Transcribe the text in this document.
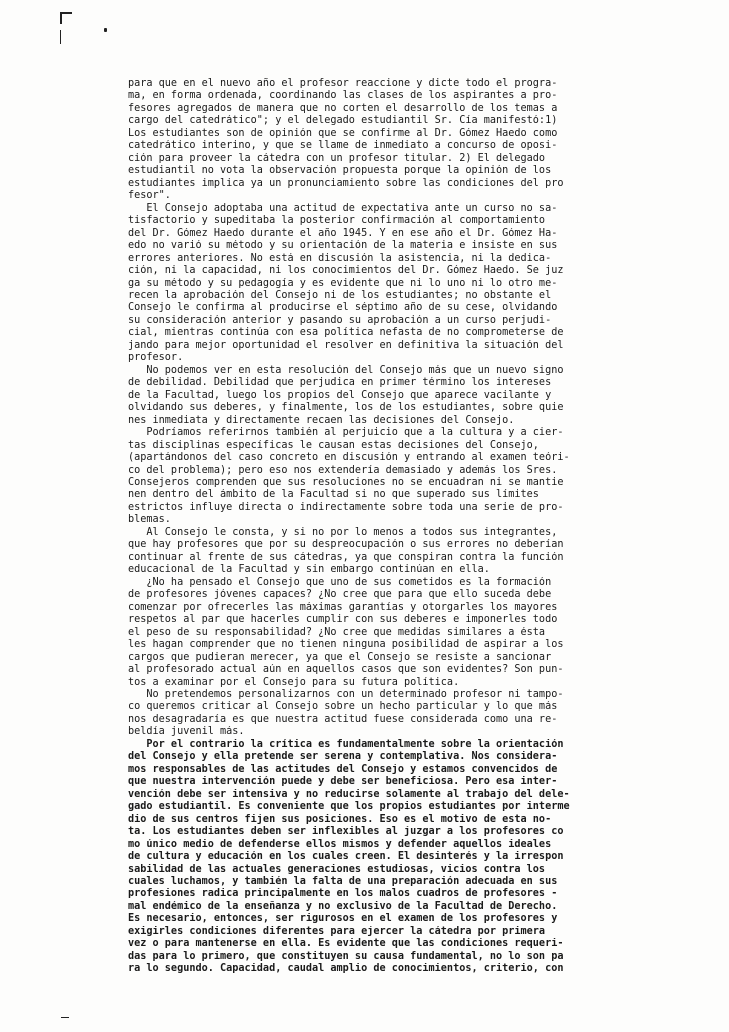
para que en el nuevo año el profesor reaccione y dicte todo el progra-
ma, en forma ordenada, coordinando las clases de los aspirantes a pro-
fesores agregados de manera que no corten el desarrollo de los temas a
cargo del catedrático"; y el delegado estudiantil Sr. Cía manifestó:1)
Los estudiantes son de opinión que se confirme al Dr. Gómez Haedo como
catedrático interino, y que se llame de inmediato a concurso de oposi-
ción para proveer la cátedra con un profesor titular. 2) El delegado
estudiantil no vota la observación propuesta porque la opinión de los
estudiantes implica ya un pronunciamiento sobre las condiciones del pro
fesor".
El Consejo adoptaba una actitud de expectativa ante un curso no sa-
tisfactorio y supeditaba la posterior confirmación al comportamiento
del Dr. Gómez Haedo durante el año 1945. Y en ese año el Dr. Gómez Ha-
edo no varió su método y su orientación de la materia e insiste en sus
errores anteriores. No está en discusión la asistencia, ni la dedica-
ción, ni la capacidad, ni los conocimientos del Dr. Gómez Haedo. Se juz
ga su método y su pedagogía y es evidente que ni lo uno ni lo otro me-
recen la aprobación del Consejo ni de los estudiantes; no obstante el
Consejo le confirma al producirse el séptimo año de su cese, olvidando
su consideración anterior y pasando su aprobación a un curso perjudi-
cial, mientras continúa con esa política nefasta de no comprometerse de
jando para mejor oportunidad el resolver en definitiva la situación del
profesor.
No podemos ver en esta resolución del Consejo más que un nuevo signo
de debilidad. Debilidad que perjudica en primer término los intereses
de la Facultad, luego los propios del Consejo que aparece vacilante y
olvidando sus deberes, y finalmente, los de los estudiantes, sobre quie
nes inmediata y directamente recaen las decisiones del Consejo.
Podríamos referirnos también al perjuicio que a la cultura y a cier-
tas disciplinas específicas le causan estas decisiones del Consejo,
(apartándonos del caso concreto en discusión y entrando al examen teóri-
co del problema); pero eso nos extendería demasiado y además los Sres.
Consejeros comprenden que sus resoluciones no se encuadran ni se mantie
nen dentro del ámbito de la Facultad si no que superado sus límites
estrictos influye directa o indirectamente sobre toda una serie de pro-
blemas.
Al Consejo le consta, y si no por lo menos a todos sus integrantes,
que hay profesores que por su despreocupación o sus errores no deberían
continuar al frente de sus cátedras, ya que conspiran contra la función
educacional de la Facultad y sin embargo continúan en ella.
¿No ha pensado el Consejo que uno de sus cometidos es la formación
de profesores jóvenes capaces? ¿No cree que para que ello suceda debe
comenzar por ofrecerles las máximas garantías y otorgarles los mayores
respetos al par que hacerles cumplir con sus deberes e imponerles todo
el peso de su responsabilidad? ¿No cree que medidas similares a ésta
les hagan comprender que no tienen ninguna posibilidad de aspirar a los
cargos que pudieran merecer, ya que el Consejo se resiste a sancionar
al profesorado actual aún en aquellos casos que son evidentes? Son pun-
tos a examinar por el Consejo para su futura política.
No pretendemos personalizarnos con un determinado profesor ni tampo-
co queremos criticar al Consejo sobre un hecho particular y lo que más
nos desagradaría es que nuestra actitud fuese considerada como una re-
beldía juvenil más.
Por el contrario la crítica es fundamentalmente sobre la orientación
del Consejo y ella pretende ser serena y contemplativa. Nos considera-
mos responsables de las actitudes del Consejo y estamos convencidos de
que nuestra intervención puede y debe ser beneficiosa. Pero esa inter-
vención debe ser intensiva y no reducirse solamente al trabajo del dele-
gado estudiantil. Es conveniente que los propios estudiantes por interme
dio de sus centros fijen sus posiciones. Eso es el motivo de esta no-
ta. Los estudiantes deben ser inflexibles al juzgar a los profesores co
mo único medio de defenderse ellos mismos y defender aquellos ideales
de cultura y educación en los cuales creen. El desinterés y la irrespon
sabilidad de las actuales generaciones estudiosas, vicios contra los
cuales luchamos, y también la falta de una preparación adecuada en sus
profesiones radica principalmente en los malos cuadros de profesores -
mal endémico de la enseñanza y no exclusivo de la Facultad de Derecho.
Es necesario, entonces, ser rigurosos en el examen de los profesores y
exigirles condiciones diferentes para ejercer la cátedra por primera
vez o para mantenerse en ella. Es evidente que las condiciones requeri-
das para lo primero, que constituyen su causa fundamental, no lo son pa
ra lo segundo. Capacidad, caudal amplio de conocimientos, criterio, con
